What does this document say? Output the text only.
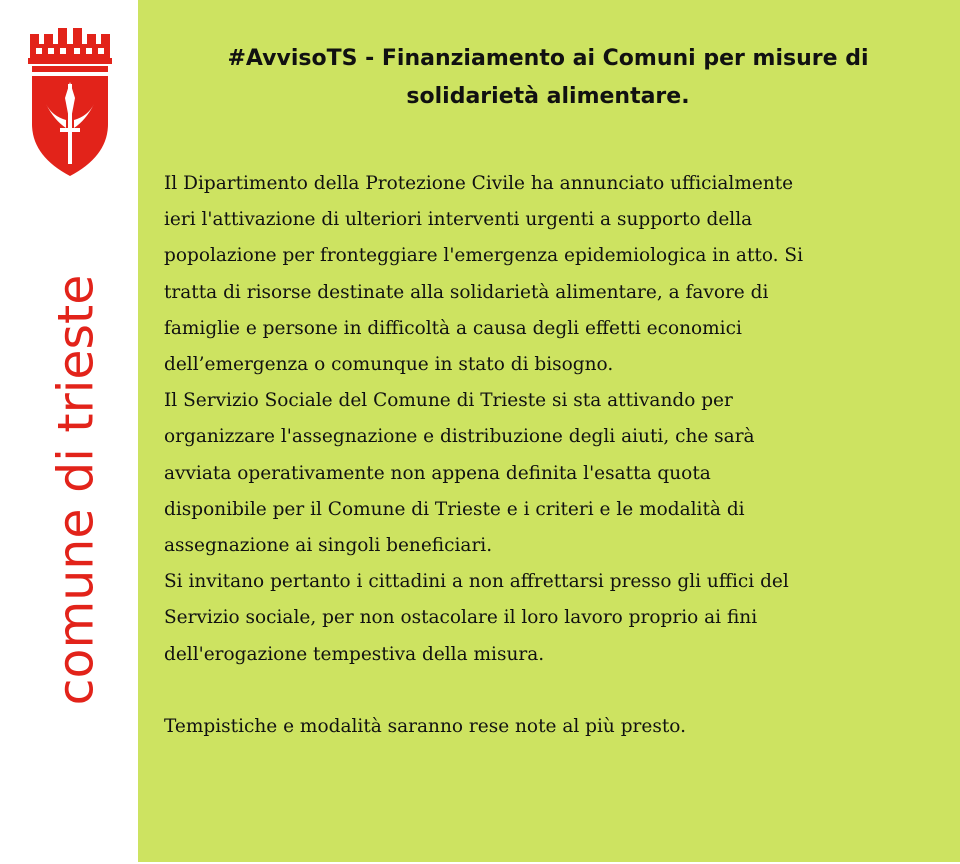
comune di trieste
#AvvisoTS - Finanziamento ai Comuni per misure di
solidarietà alimentare.

Il Dipartimento della Protezione Civile ha annunciato ufficialmente

ieri l'attivazione di ulteriori interventi urgenti a supporto della

popolazione per fronteggiare l'emergenza epidemiologica in atto. Si

tratta di risorse destinate alla solidarietà alimentare, a favore di

famiglie e persone in difficoltà a causa degli effetti economici

dell’emergenza o comunque in stato di bisogno.

Il Servizio Sociale del Comune di Trieste si sta attivando per

organizzare l'assegnazione e distribuzione degli aiuti, che sarà

avviata operativamente non appena definita l'esatta quota

disponibile per il Comune di Trieste e i criteri e le modalità di

assegnazione ai singoli beneficiari.

Si invitano pertanto i cittadini a non affrettarsi presso gli uffici del

Servizio sociale, per non ostacolare il loro lavoro proprio ai fini

dell'erogazione tempestiva della misura.

Tempistiche e modalità saranno rese note al più presto.
